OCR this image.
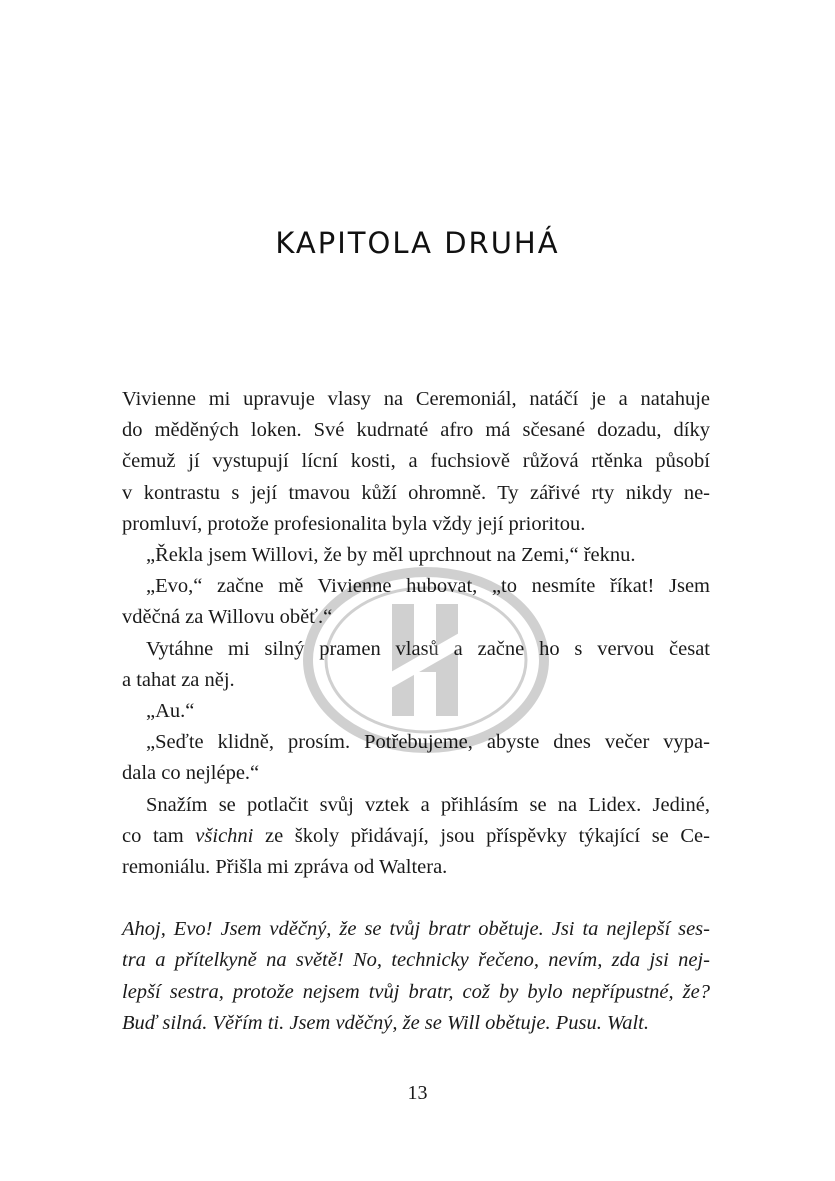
KAPITOLA DRUHÁ
Vivienne mi upravuje vlasy na Ceremoniál, natáčí je a natahuje
do měděných loken. Své kudrnaté afro má sčesané dozadu, díky
čemuž jí vystupují lícní kosti, a fuchsiově růžová rtěnka působí
v kontrastu s její tmavou kůží ohromně. Ty zářivé rty nikdy ne-
promluví, protože profesionalita byla vždy její prioritou.
„Řekla jsem Willovi, že by měl uprchnout na Zemi,“ řeknu.
„Evo,“ začne mě Vivienne hubovat, „to nesmíte říkat! Jsem
vděčná za Willovu oběť.“
Vytáhne mi silný pramen vlasů a začne ho s vervou česat
a tahat za něj.
„Au.“
„Seďte klidně, prosím. Potřebujeme, abyste dnes večer vypa-
dala co nejlépe.“
Snažím se potlačit svůj vztek a přihlásím se na Lidex. Jediné,
co tam všichni ze školy přidávají, jsou příspěvky týkající se Ce-
remoniálu. Přišla mi zpráva od Waltera.
Ahoj, Evo! Jsem vděčný, že se tvůj bratr obětuje. Jsi ta nejlepší ses-
tra a přítelkyně na světě! No, technicky řečeno, nevím, zda jsi nej-
lepší sestra, protože nejsem tvůj bratr, což by bylo nepřípustné, že?
Buď silná. Věřím ti. Jsem vděčný, že se Will obětuje. Pusu. Walt.
13
